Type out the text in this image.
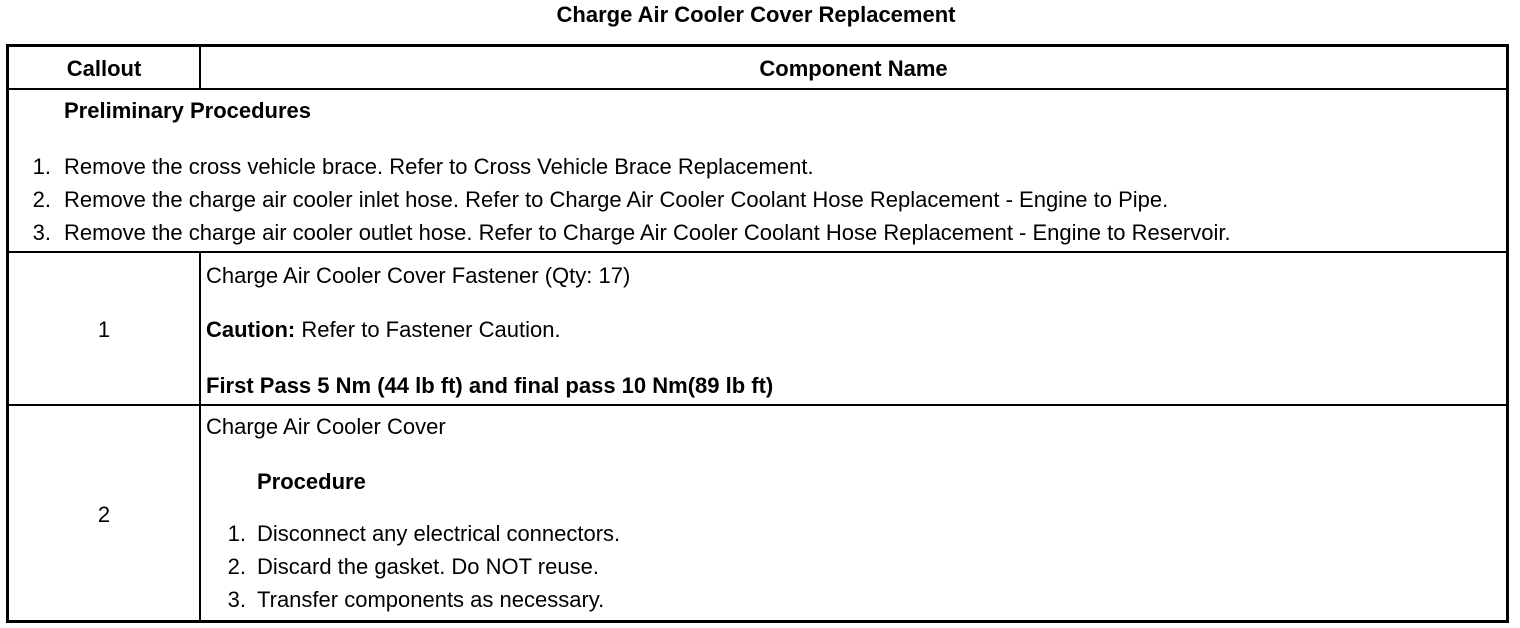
Charge Air Cooler Cover Replacement
Callout	Component Name
Preliminary Procedures
1. Remove the cross vehicle brace. Refer to Cross Vehicle Brace Replacement.
2. Remove the charge air cooler inlet hose. Refer to Charge Air Cooler Coolant Hose Replacement - Engine to Pipe.
3. Remove the charge air cooler outlet hose. Refer to Charge Air Cooler Coolant Hose Replacement - Engine to Reservoir.
1
Charge Air Cooler Cover Fastener (Qty: 17)
Caution: Refer to Fastener Caution.
First Pass 5 Nm (44 lb ft) and final pass 10 Nm(89 lb ft)
2
Charge Air Cooler Cover
Procedure
1. Disconnect any electrical connectors.
2. Discard the gasket. Do NOT reuse.
3. Transfer components as necessary.
